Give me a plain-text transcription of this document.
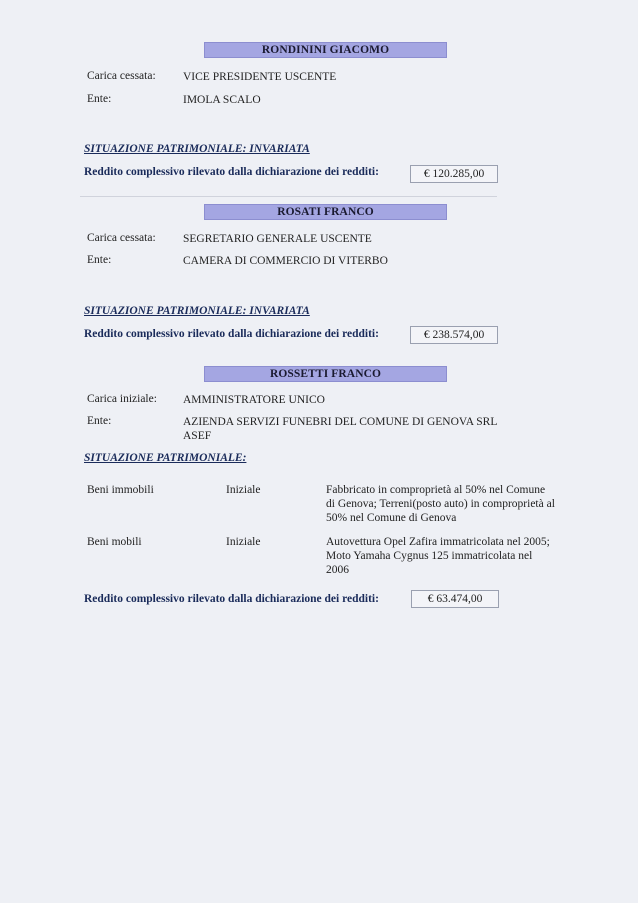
RONDININI GIACOMO
Carica cessata: VICE PRESIDENTE USCENTE
Ente:	IMOLA SCALO
SITUAZIONE PATRIMONIALE: INVARIATA
Reddito complessivo rilevato dalla dichiarazione dei redditi:	€ 120.285,00
ROSATI FRANCO
Carica cessata: SEGRETARIO GENERALE USCENTE
Ente:	CAMERA DI COMMERCIO DI VITERBO
SITUAZIONE PATRIMONIALE: INVARIATA
Reddito complessivo rilevato dalla dichiarazione dei redditi:	€ 238.574,00
ROSSETTI FRANCO
Carica iniziale: AMMINISTRATORE UNICO
Ente:	AZIENDA SERVIZI FUNEBRI DEL COMUNE DI GENOVA SRL
ASEF
SITUAZIONE PATRIMONIALE:
Beni immobili	Iniziale	Fabbricato in comproprietà al 50% nel Comune
di Genova; Terreni(posto auto) in comproprietà al
50% nel Comune di Genova
Beni mobili	Iniziale	Autovettura Opel Zafira immatricolata nel 2005;
Moto Yamaha Cygnus 125 immatricolata nel
2006
Reddito complessivo rilevato dalla dichiarazione dei redditi:	€ 63.474,00
